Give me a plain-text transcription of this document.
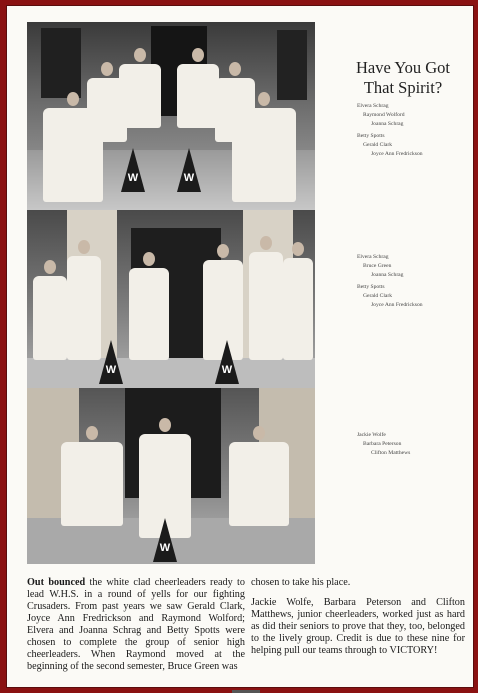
W	W
W	W
W
Have You Got
That Spirit?
Elvera Schrag
Raymond Wolford
Joanna Schrag
Betty Spotts
Gerald Clark
Joyce Ann Fredrickson
Elvera Schrag
Bruce Green
Joanna Schrag
Betty Spotts
Gerald Clark
Joyce Ann Fredrickson
Jackie Wolfe
Barbara Peterson
Clifton Matthews

Out bounced the white clad cheerleaders ready to lead W.H.S. in a round of yells for our fighting Crusaders. From past years we saw Gerald Clark, Joyce Ann Fredrickson and Raymond Wolford; Elvera and Joanna Schrag and Betty Spotts were chosen to complete the group of senior high cheerleaders. When Raymond moved at the beginning of the second semester, Bruce Green was

chosen to take his place.

Jackie Wolfe, Barbara Peterson and Clifton Matthews, junior cheerleaders, worked just as hard as did their seniors to prove that they, too, belonged to the lively group. Credit is due to these nine for helping pull our teams through to VICTORY!
